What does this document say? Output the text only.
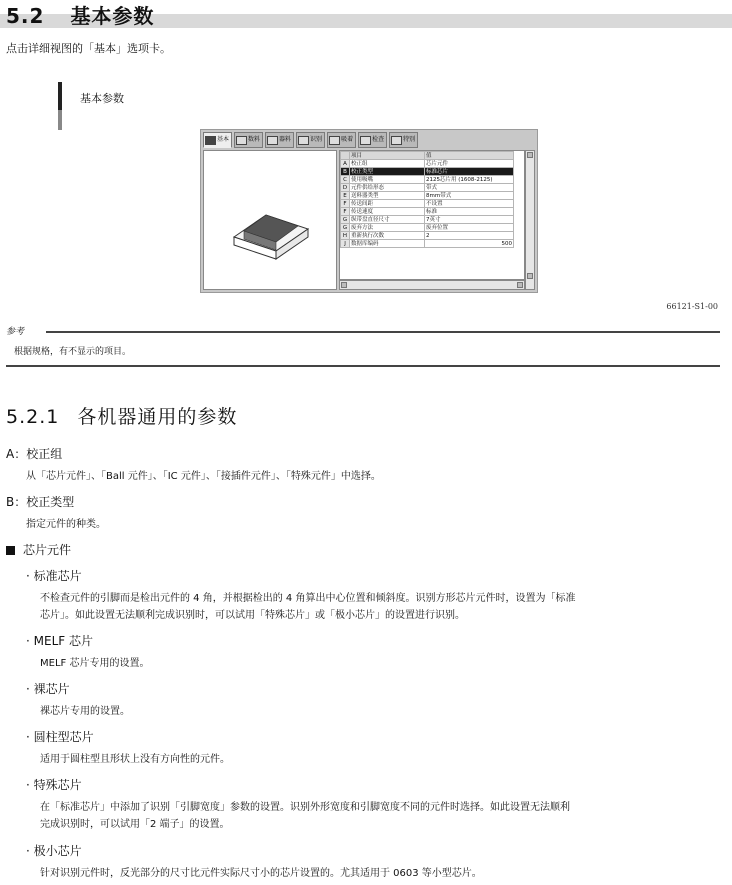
5.2 基本参数
点击详细视图的「基本」选项卡。
基本参数
基本	数料	器料	识别	吸着	检查	特别
	项目	值
A	校正组	芯片元件
B	校正类型	标准芯片
C	使用吸嘴	2125芯片用 (1608-2125)
D	元件供给形态	带式
E	送料器类型	8mm带式
F	传送间距	不设置
F	传送速度	标准
G	纵带盘直径尺寸	7英寸
G	废弃方法	废弃位置
H	重新执行次数	2
J	数据库编码	500
66121-S1-00
参考
根据规格，有不显示的项目。
5.2.1 各机器通用的参数
A：校正组
从「芯片元件」、「Ball 元件」、「IC 元件」、「接插件元件」、「特殊元件」中选择。
B：校正类型
指定元件的种类。
芯片元件
· 标准芯片
不检查元件的引脚而是检出元件的 4 角，并根据检出的 4 角算出中心位置和倾斜度。识别方形芯片元件时，设置为「标准
芯片」。如此设置无法顺利完成识别时，可以试用「特殊芯片」或「极小芯片」的设置进行识别。
· MELF 芯片
MELF 芯片专用的设置。
· 裸芯片
裸芯片专用的设置。
· 圆柱型芯片
适用于圆柱型且形状上没有方向性的元件。
· 特殊芯片
在「标准芯片」中添加了识别「引脚宽度」参数的设置。识别外形宽度和引脚宽度不同的元件时选择。如此设置无法顺利
完成识别时，可以试用「2 端子」的设置。
· 极小芯片
针对识别元件时，反光部分的尺寸比元件实际尺寸小的芯片设置的。尤其适用于 0603 等小型芯片。
